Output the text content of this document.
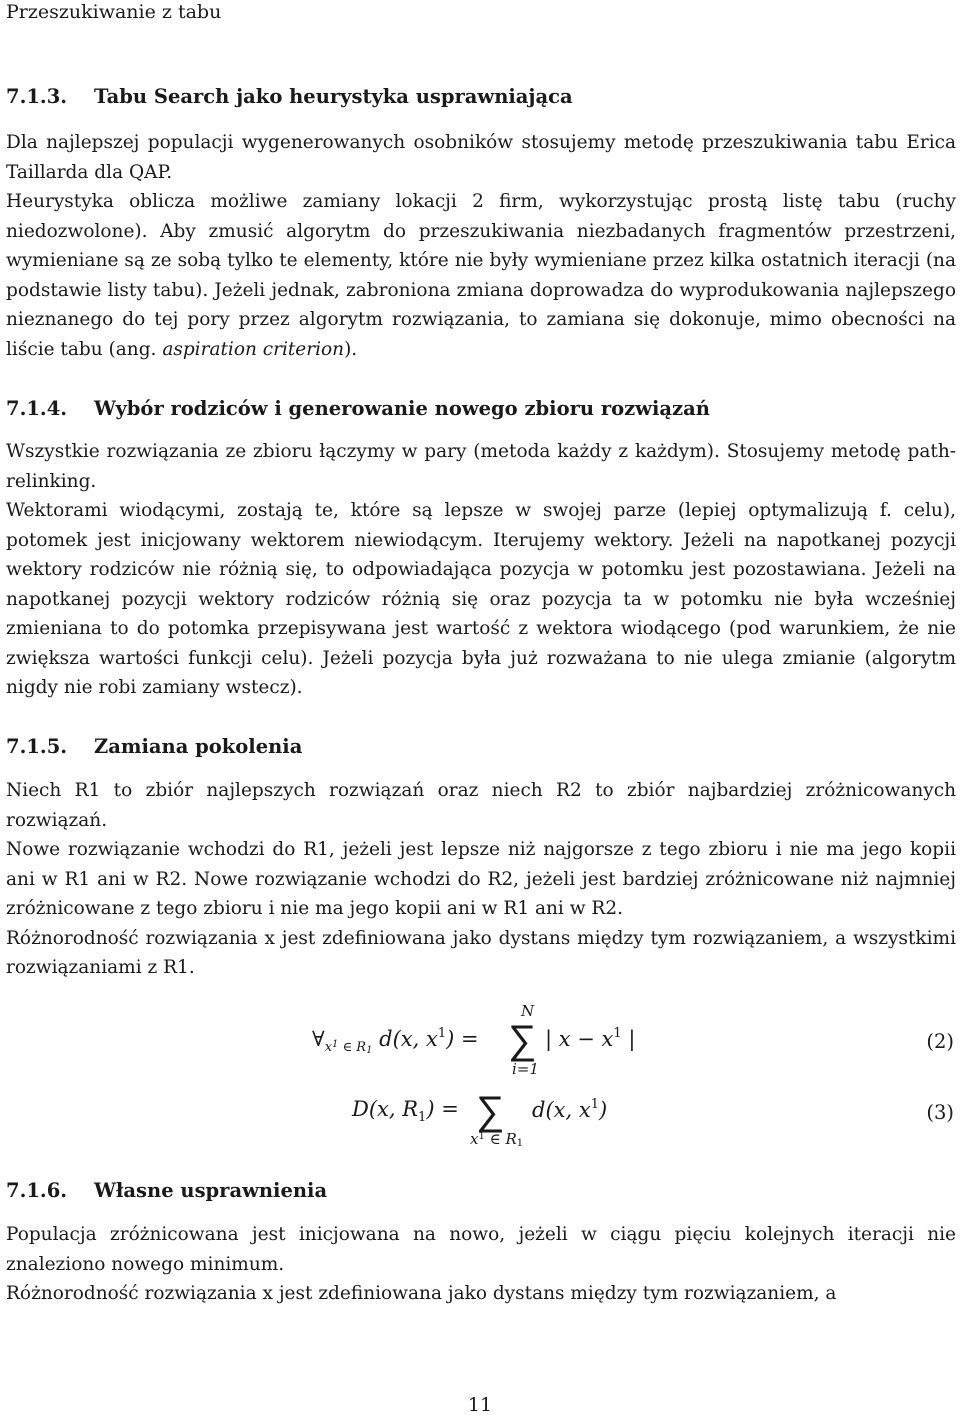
Przeszukiwanie z tabu
7.1.3. Tabu Search jako heurystyka usprawniająca

Dla najlepszej populacji wygenerowanych osobników stosujemy metodę przeszukiwania tabu Erica Taillarda dla QAP.

Heurystyka oblicza możliwe zamiany lokacji 2 firm, wykorzystując prostą listę tabu (ruchy niedozwolone). Aby zmusić algorytm do przeszukiwania niezbadanych fragmentów przestrzeni, wymieniane są ze sobą tylko te elementy, które nie były wymieniane przez kilka ostatnich iteracji (na podstawie listy tabu). Jeżeli jednak, zabroniona zmiana doprowadza do wyprodukowania najlepszego nieznanego do tej pory przez algorytm rozwiązania, to zamiana się dokonuje, mimo obecności na liście tabu (ang. aspiration criterion).

7.1.4. Wybór rodziców i generowanie nowego zbioru rozwiązań

Wszystkie rozwiązania ze zbioru łączymy w pary (metoda każdy z każdym). Stosujemy metodę path-relinking.

Wektorami wiodącymi, zostają te, które są lepsze w swojej parze (lepiej optymalizują f. celu), potomek jest inicjowany wektorem niewiodącym. Iterujemy wektory. Jeżeli na napotkanej pozycji wektory rodziców nie różnią się, to odpowiadająca pozycja w potomku jest pozostawiana. Jeżeli na napotkanej pozycji wektory rodziców różnią się oraz pozycja ta w potomku nie była wcześniej zmieniana to do potomka przepisywana jest wartość z wektora wiodącego (pod warunkiem, że nie zwiększa wartości funkcji celu). Jeżeli pozycja była już rozważana to nie ulega zmianie (algorytm nigdy nie robi zamiany wstecz).

7.1.5. Zamiana pokolenia

Niech R1 to zbiór najlepszych rozwiązań oraz niech R2 to zbiór najbardziej zróżnicowanych rozwiązań.

Nowe rozwiązanie wchodzi do R1, jeżeli jest lepsze niż najgorsze z tego zbioru i nie ma jego kopii ani w R1 ani w R2. Nowe rozwiązanie wchodzi do R2, jeżeli jest bardziej zróżnicowane niż najmniej zróżnicowane z tego zbioru i nie ma jego kopii ani w R1 ani w R2.

Różnorodność rozwiązania x jest zdefiniowana jako dystans między tym rozwiązaniem, a wszystkimi rozwiązaniami z R1.

$\forall_{x^1 \in R1}$ d(x, $x^1$) =
N
∑
i=1
| $x - x^1$ |	(2)
D(x, $R_1$) = ∑
$x^1$ ∈ R1
d(x, $x^1$)	(3)
7.1.6. Własne usprawnienia

Populacja zróżnicowana jest inicjowana na nowo, jeżeli w ciągu pięciu kolejnych iteracji nie znaleziono nowego minimum.

Różnorodność rozwiązania x jest zdefiniowana jako dystans między tym rozwiązaniem, a

11
